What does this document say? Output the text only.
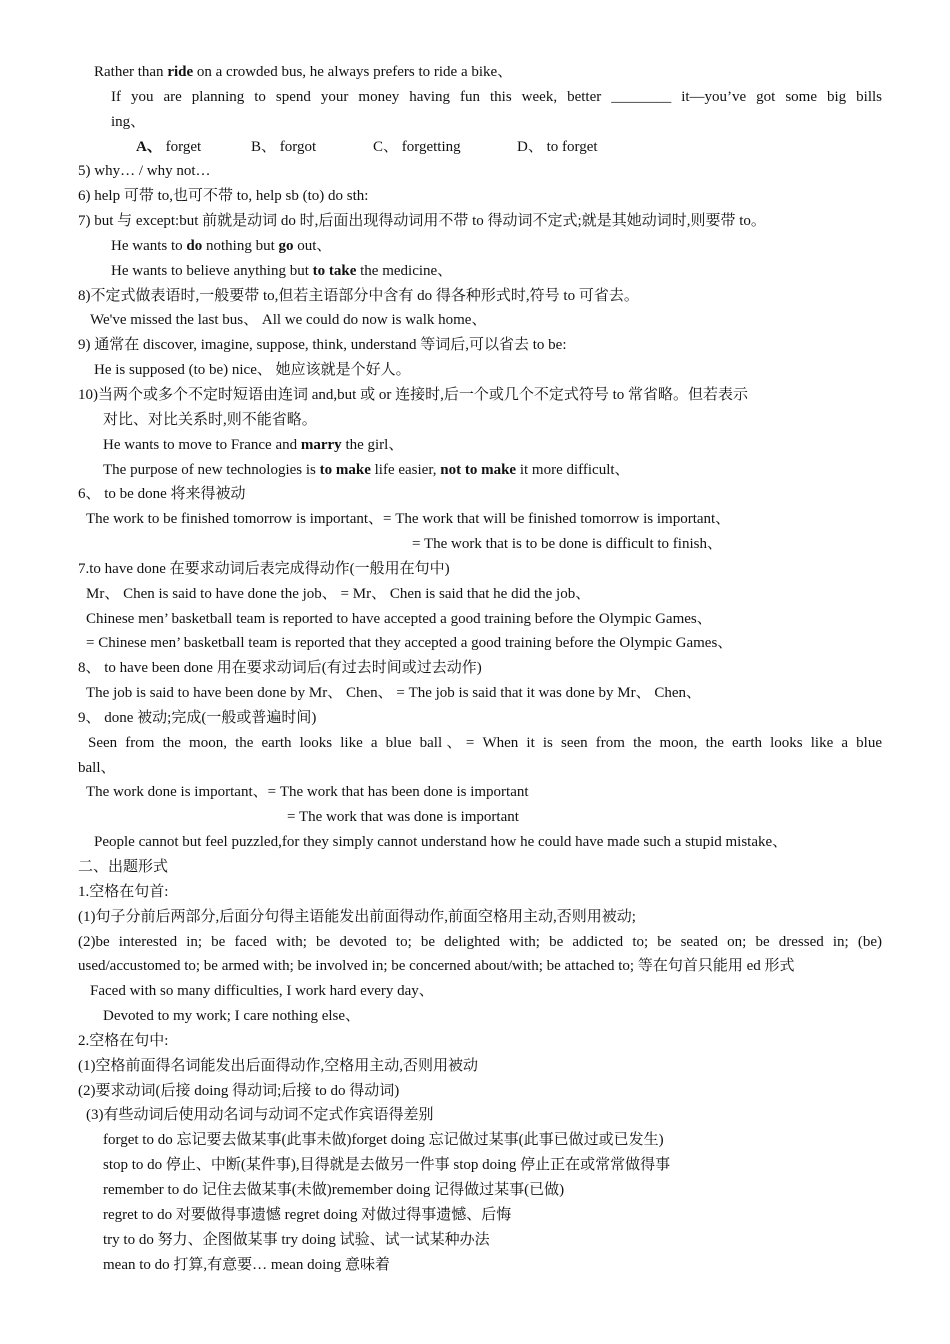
Rather than ride on a crowded bus, he always prefers to ride a bike、
If you are planning to spend your money having fun this week, better ________ it—you’ve got some big bills
ing、
A、 forget	B、 forgot	C、 forgetting	D、 to forget
5) why… / why not…
6) help 可带 to,也可不带 to, help sb (to) do sth:
7) but 与 except:but 前就是动词 do 时,后面出现得动词用不带 to 得动词不定式;就是其她动词时,则要带 to。
He wants to do nothing but go out、
He wants to believe anything but to take the medicine、
8)不定式做表语时,一般要带 to,但若主语部分中含有 do 得各种形式时,符号 to 可省去。
We've missed the last bus、 All we could do now is walk home、
9) 通常在 discover, imagine, suppose, think, understand 等词后,可以省去 to be:
He is supposed (to be) nice、 她应该就是个好人。
10)当两个或多个不定时短语由连词 and,but 或 or 连接时,后一个或几个不定式符号 to 常省略。但若表示
对比、对比关系时,则不能省略。
He wants to move to France and marry the girl、
The purpose of new technologies is to make life easier, not to make it more difficult、
6、 to be done 将来得被动
The work to be finished tomorrow is important、= The work that will be finished tomorrow is important、
= The work that is to be done is difficult to finish、
7.to have done 在要求动词后表完成得动作(一般用在句中)
Mr、 Chen is said to have done the job、 = Mr、 Chen is said that he did the job、
Chinese men’ basketball team is reported to have accepted a good training before the Olympic Games、
= Chinese men’ basketball team is reported that they accepted a good training before the Olympic Games、
8、 to have been done 用在要求动词后(有过去时间或过去动作)
The job is said to have been done by Mr、 Chen、 = The job is said that it was done by Mr、 Chen、
9、 done 被动;完成(一般或普遍时间)
Seen from the moon, the earth looks like a blue ball、= When it is seen from the moon, the earth looks like a blue
ball、
The work done is important、= The work that has been done is important
= The work that was done is important
People cannot but feel puzzled,for they simply cannot understand how he could have made such a stupid mistake、
二、出题形式
1.空格在句首:
(1)句子分前后两部分,后面分句得主语能发出前面得动作,前面空格用主动,否则用被动;
(2)be interested in; be faced with; be devoted to; be delighted with; be addicted to; be seated on; be dressed in; (be)
used/accustomed to; be armed with; be involved in; be concerned about/with; be attached to; 等在句首只能用 ed 形式
Faced with so many difficulties, I work hard every day、
Devoted to my work; I care nothing else、
2.空格在句中:
(1)空格前面得名词能发出后面得动作,空格用主动,否则用被动
(2)要求动词(后接 doing 得动词;后接 to do 得动词)
(3)有些动词后使用动名词与动词不定式作宾语得差别
forget to do 忘记要去做某事(此事未做)forget doing 忘记做过某事(此事已做过或已发生)
stop to do 停止、中断(某件事),目得就是去做另一件事 stop doing 停止正在或常常做得事
remember to do 记住去做某事(未做)remember doing 记得做过某事(已做)
regret to do 对要做得事遗憾 regret doing 对做过得事遗憾、后悔
try to do 努力、企图做某事 try doing 试验、试一试某种办法
mean to do 打算,有意要… mean doing 意味着
